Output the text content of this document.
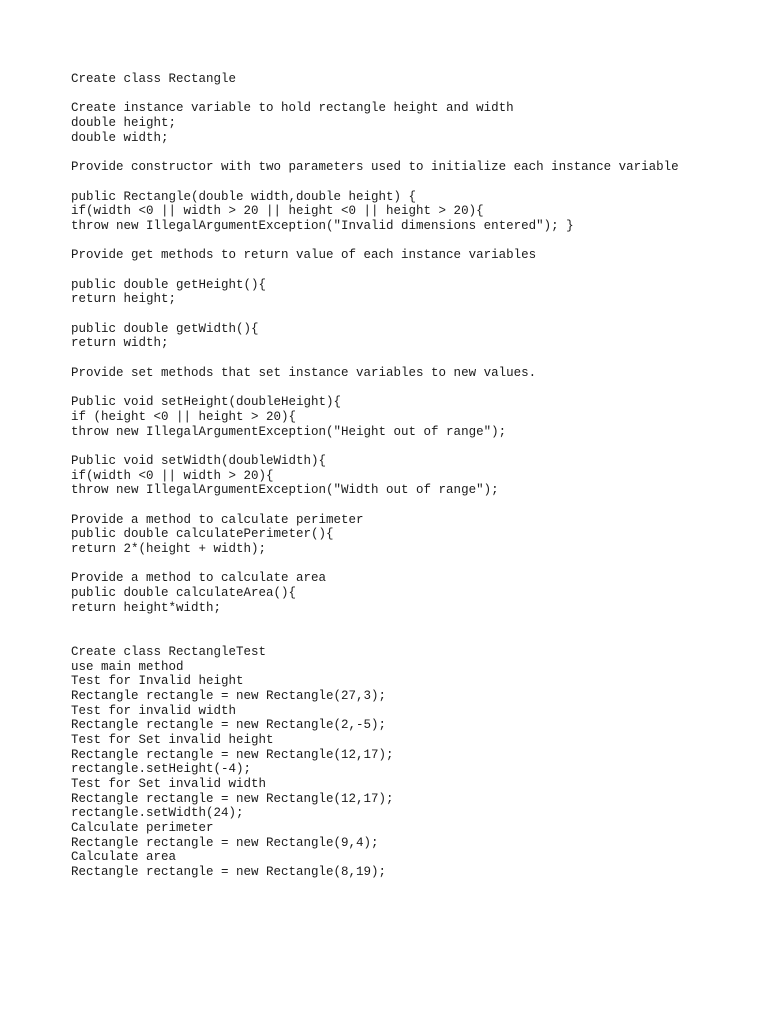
Create class Rectangle
Create instance variable to hold rectangle height and width
double height;
double width;
Provide constructor with two parameters used to initialize each instance variable
public Rectangle(double width,double height) {
if(width <0 || width > 20 || height <0 || height > 20){
throw new IllegalArgumentException("Invalid dimensions entered"); }
Provide get methods to return value of each instance variables
public double getHeight(){
return height;
public double getWidth(){
return width;
Provide set methods that set instance variables to new values.
Public void setHeight(doubleHeight){
if (height <0 || height > 20){
throw new IllegalArgumentException("Height out of range");
Public void setWidth(doubleWidth){
if(width <0 || width > 20){
throw new IllegalArgumentException("Width out of range");
Provide a method to calculate perimeter
public double calculatePerimeter(){
return 2*(height + width);
Provide a method to calculate area
public double calculateArea(){
return height*width;
Create class RectangleTest
use main method
Test for Invalid height
Rectangle rectangle = new Rectangle(27,3);
Test for invalid width
Rectangle rectangle = new Rectangle(2,-5);
Test for Set invalid height
Rectangle rectangle = new Rectangle(12,17);
rectangle.setHeight(-4);
Test for Set invalid width
Rectangle rectangle = new Rectangle(12,17);
rectangle.setWidth(24);
Calculate perimeter
Rectangle rectangle = new Rectangle(9,4);
Calculate area
Rectangle rectangle = new Rectangle(8,19);
